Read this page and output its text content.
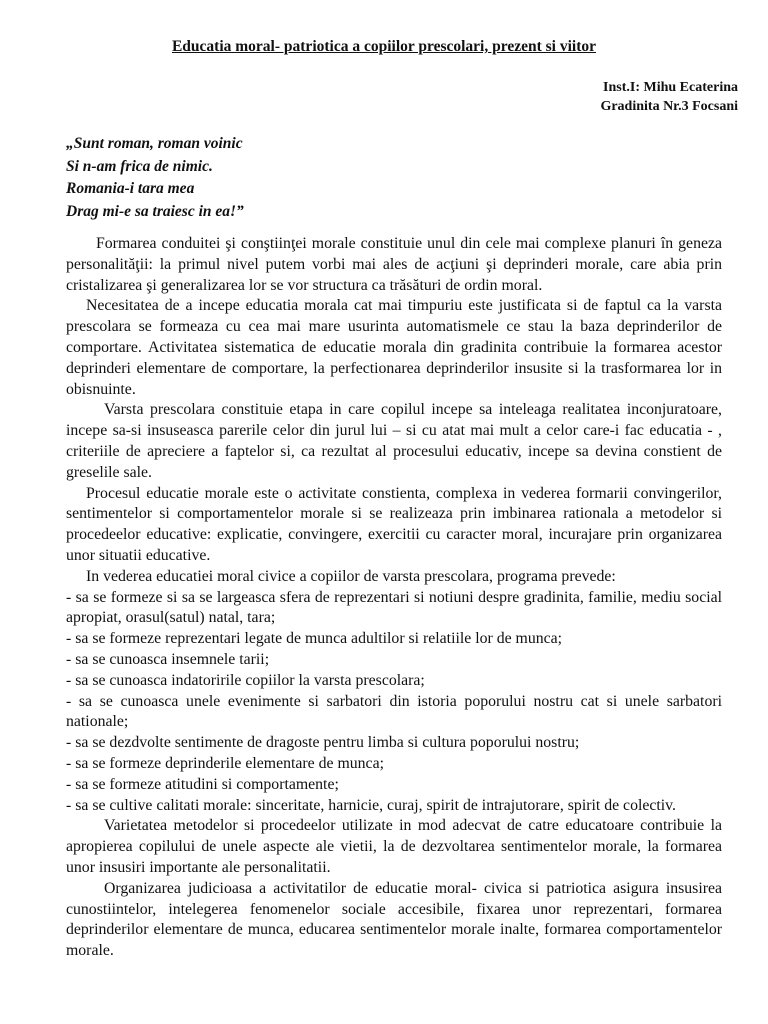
Educatia moral- patriotica a copiilor prescolari, prezent si viitor
Inst.I: Mihu Ecaterina
Gradinita Nr.3 Focsani
„Sunt roman, roman voinic
Si n-am frica de nimic.
Romania-i tara mea
Drag mi-e sa traiesc in ea!”

Formarea conduitei şi conştiinţei morale constituie unul din cele mai complexe planuri în geneza personalităţii: la primul nivel putem vorbi mai ales de acţiuni şi deprinderi morale, care abia prin cristalizarea şi generalizarea lor se vor structura ca trăsături de ordin moral.

Necesitatea de a incepe educatia morala cat mai timpuriu este justificata si de faptul ca la varsta prescolara se formeaza cu cea mai mare usurinta automatismele ce stau la baza deprinderilor de comportare. Activitatea sistematica de educatie morala din gradinita contribuie la formarea acestor deprinderi elementare de comportare, la perfectionarea deprinderilor insusite si la trasformarea lor in obisnuinte.

Varsta prescolara constituie etapa in care copilul incepe sa inteleaga realitatea inconjuratoare, incepe sa-si insuseasca parerile celor din jurul lui – si cu atat mai mult a celor care-i fac educatia - , criteriile de apreciere a faptelor si, ca rezultat al procesului educativ, incepe sa devina constient de greselile sale.

Procesul educatie morale este o activitate constienta, complexa in vederea formarii convingerilor, sentimentelor si comportamentelor morale si se realizeaza prin imbinarea rationala a metodelor si procedeelor educative: explicatie, convingere, exercitii cu caracter moral, incurajare prin organizarea unor situatii educative.

In vederea educatiei moral civice a copiilor de varsta prescolara, programa prevede:

- sa se formeze si sa se largeasca sfera de reprezentari si notiuni despre gradinita, familie, mediu social apropiat, orasul(satul) natal, tara;

- sa se formeze reprezentari legate de munca adultilor si relatiile lor de munca;

- sa se cunoasca insemnele tarii;

- sa se cunoasca indatoririle copiilor la varsta prescolara;

- sa se cunoasca unele evenimente si sarbatori din istoria poporului nostru cat si unele sarbatori nationale;

- sa se dezdvolte sentimente de dragoste pentru limba si cultura poporului nostru;

- sa se formeze deprinderile elementare de munca;

- sa se formeze atitudini si comportamente;

- sa se cultive calitati morale: sinceritate, harnicie, curaj, spirit de intrajutorare, spirit de colectiv.

Varietatea metodelor si procedeelor utilizate in mod adecvat de catre educatoare contribuie la apropierea copilului de unele aspecte ale vietii, la de dezvoltarea sentimentelor morale, la formarea unor insusiri importante ale personalitatii.

Organizarea judicioasa a activitatilor de educatie moral- civica si patriotica asigura insusirea cunostiintelor, intelegerea fenomenelor sociale accesibile, fixarea unor reprezentari, formarea deprinderilor elementare de munca, educarea sentimentelor morale inalte, formarea comportamentelor morale.
